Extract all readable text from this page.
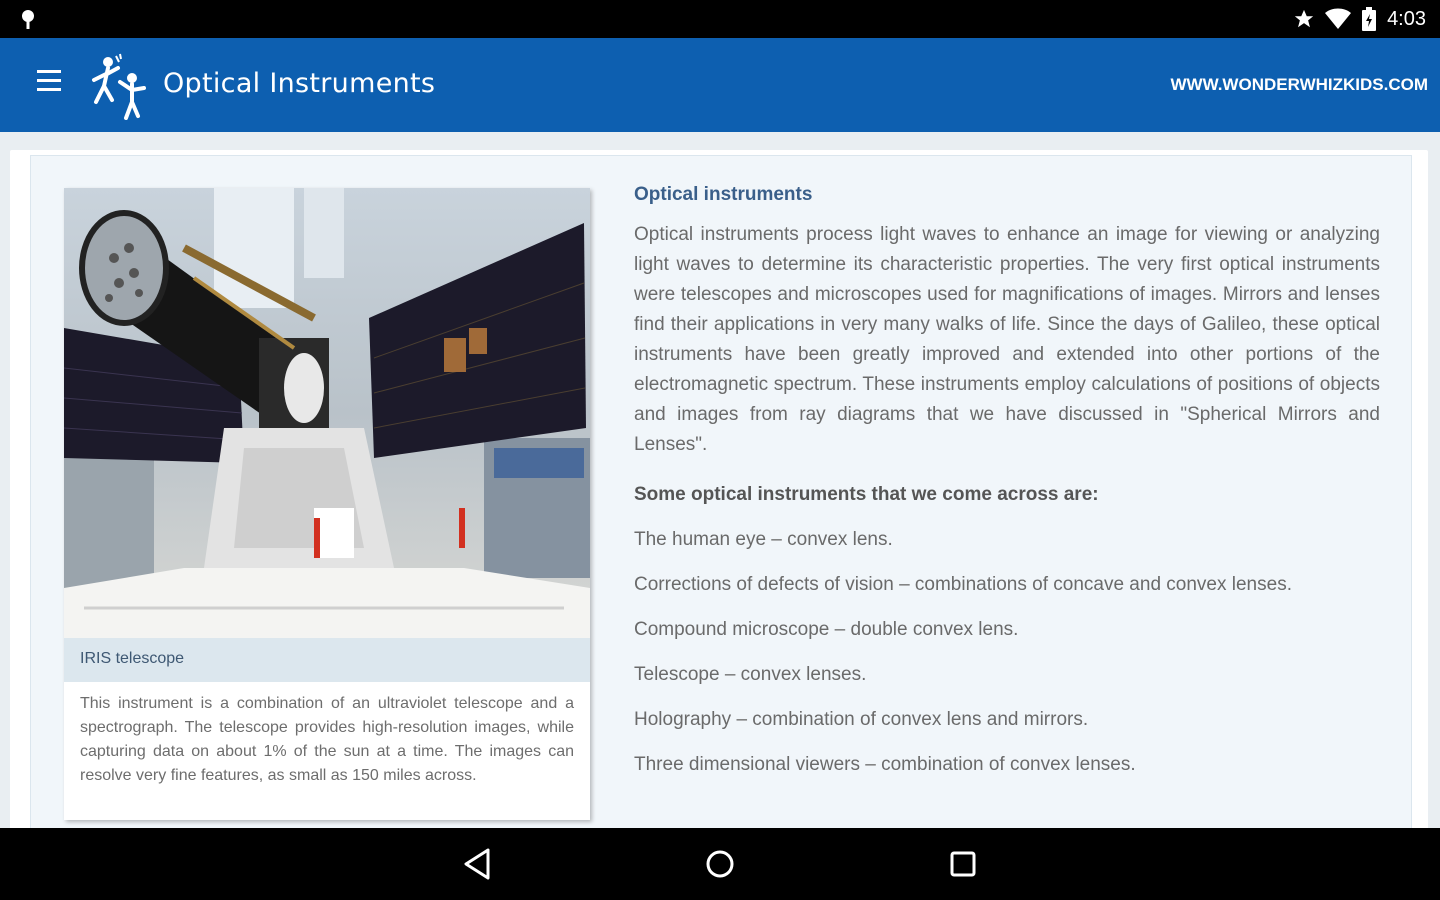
4:03
Optical Instruments	WWW.WONDERWHIZKIDS.COM
IRIS telescope
This instrument is a combination of an ultraviolet telescope and a spectrograph. The telescope provides high-resolution images, while capturing data on about 1% of the sun at a time. The images can resolve very fine features, as small as 150 miles across.
Optical instruments
Optical instruments process light waves to enhance an image for viewing or analyzing light waves to determine its characteristic properties. The very first optical instruments were telescopes and microscopes used for magnifications of images. Mirrors and lenses find their applications in very many walks of life. Since the days of Galileo, these optical instruments have been greatly improved and extended into other portions of the electromagnetic spectrum. These instruments employ calculations of positions of objects and images from ray diagrams that we have discussed in "Spherical Mirrors and Lenses".
Some optical instruments that we come across are:
The human eye – convex lens.
Corrections of defects of vision – combinations of concave and convex lenses.
Compound microscope – double convex lens.
Telescope – convex lenses.
Holography – combination of convex lens and mirrors.
Three dimensional viewers – combination of convex lenses.
